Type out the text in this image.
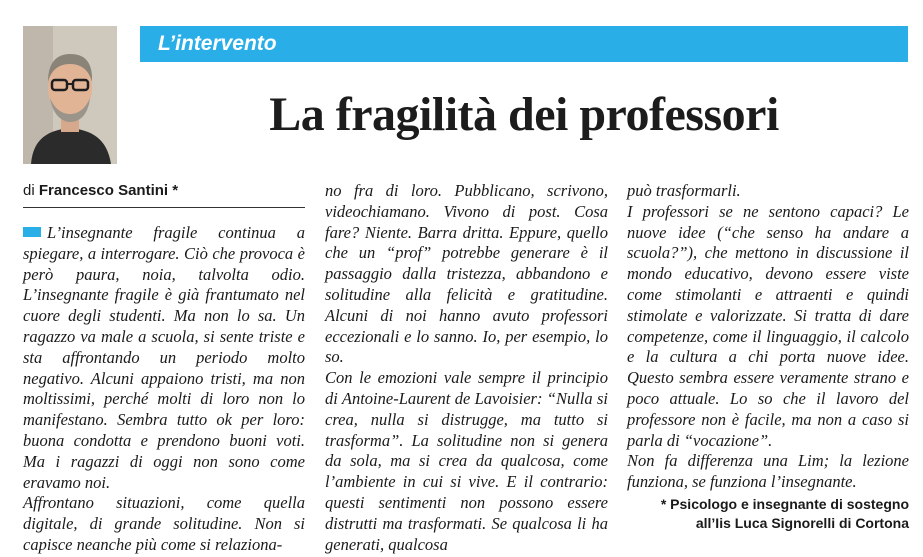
L’intervento
La fragilità dei professori
di Francesco Santini *

L’insegnante fragile continua a spiegare, a interrogare. Ciò che provoca è però paura, noia, talvolta odio. L’insegnante fragile è già frantumato nel cuore degli studenti. Ma non lo sa. Un ragazzo va male a scuola, si sente triste e sta affrontando un periodo molto negativo. Alcuni appaiono tristi, ma non moltissimi, perché molti di loro non lo manifestano. Sembra tutto ok per loro: buona condotta e prendono buoni voti. Ma i ragazzi di oggi non sono come eravamo noi.

Affrontano situazioni, come quella digitale, di grande solitudine. Non si capisce neanche più come si relaziona-

no fra di loro. Pubblicano, scrivono, videochiamano. Vivono di post. Cosa fare? Niente. Barra dritta. Eppure, quello che un “prof” potrebbe generare è il passaggio dalla tristezza, abbandono e solitudine alla felicità e gratitudine. Alcuni di noi hanno avuto professori eccezionali e lo sanno. Io, per esempio, lo so.

Con le emozioni vale sempre il principio di Antoine-Laurent de Lavoisier: “Nulla si crea, nulla si distrugge, ma tutto si trasforma”. La solitudine non si genera da sola, ma si crea da qualcosa, come l’ambiente in cui si vive. E il contrario: questi sentimenti non possono essere distrutti ma trasformati. Se qualcosa li ha generati, qualcosa

può trasformarli.

I professori se ne sentono capaci? Le nuove idee (“che senso ha andare a scuola?”), che mettono in discussione il mondo educativo, devono essere viste come stimolanti e attraenti e quindi stimolate e valorizzate. Si tratta di dare competenze, come il linguaggio, il calcolo e la cultura a chi porta nuove idee. Questo sembra essere veramente strano e poco attuale. Lo so che il lavoro del professore non è facile, ma non a caso si parla di “vocazione”.

Non fa differenza una Lim; la lezione funziona, se funziona l’insegnante.

* Psicologo e insegnante di sostegno
all’Iis Luca Signorelli di Cortona
